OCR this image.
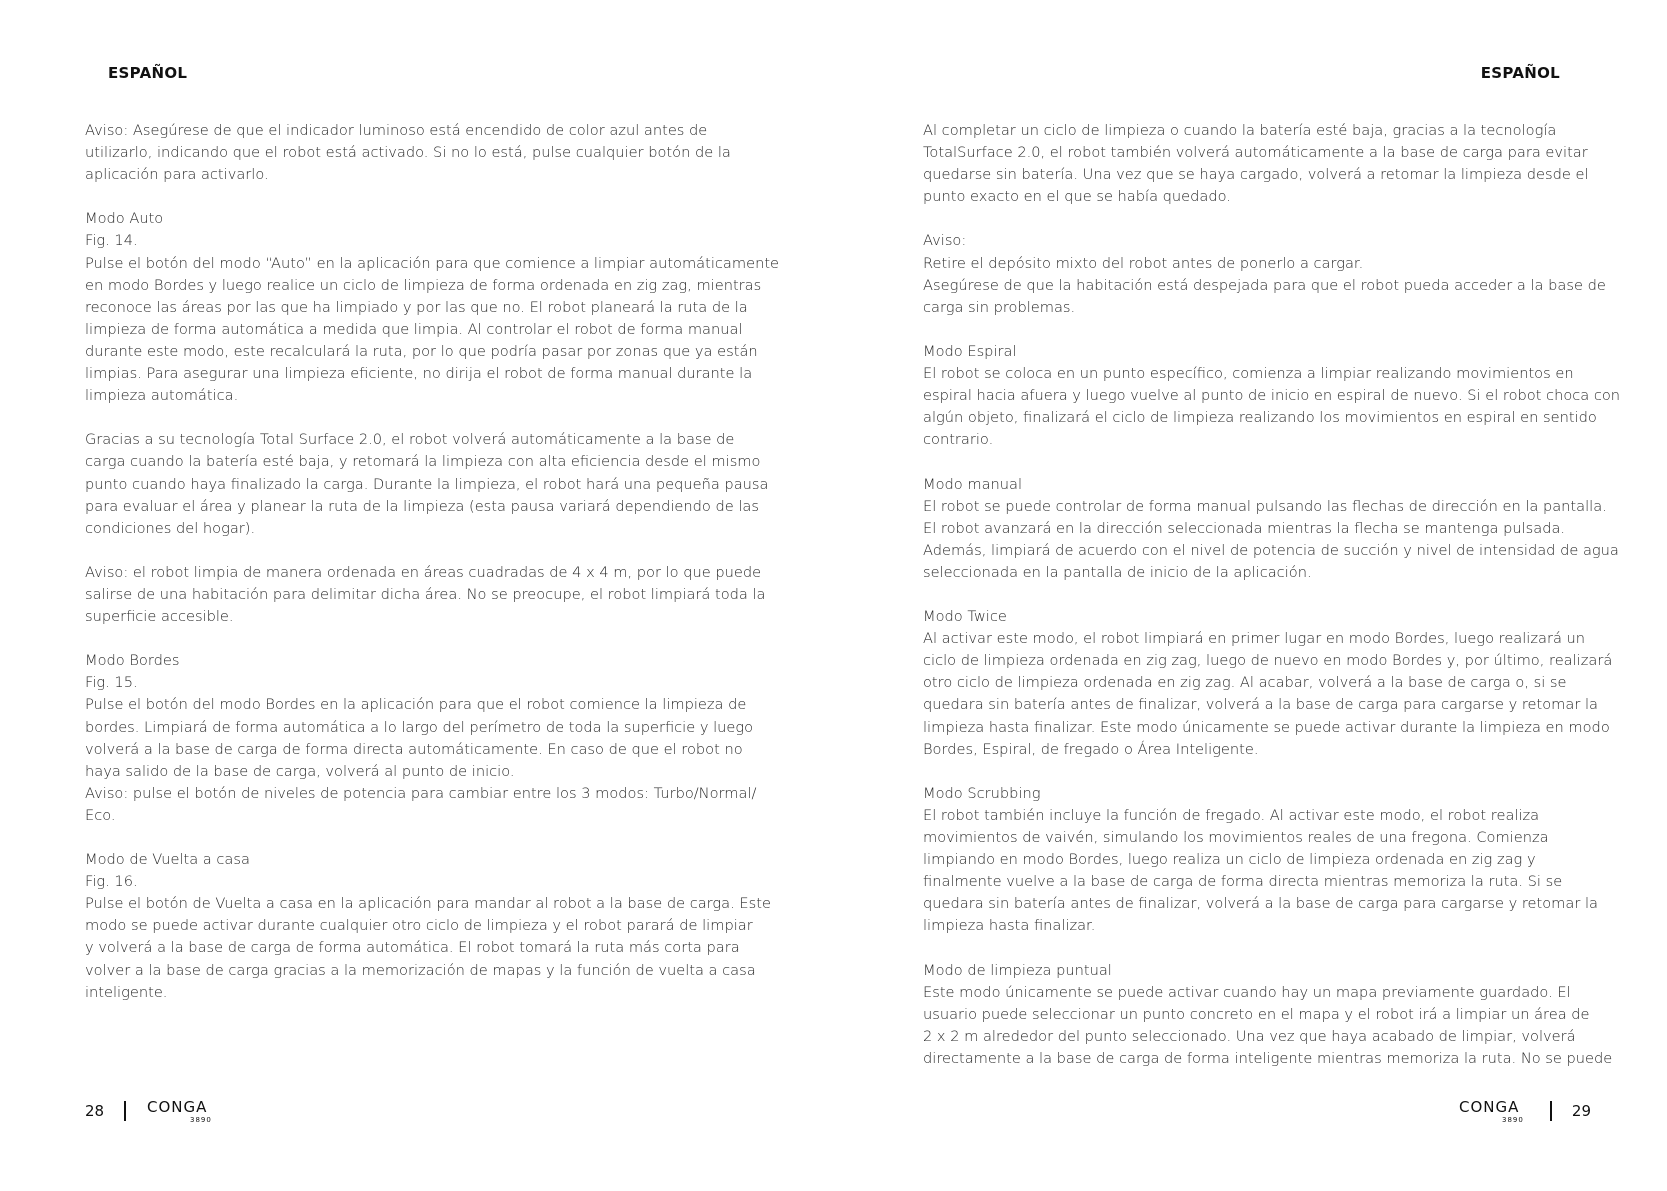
ESPAÑOL
Aviso: Asegúrese de que el indicador luminoso está encendido de color azul antes de
utilizarlo, indicando que el robot está activado. Si no lo está, pulse cualquier botón de la
aplicación para activarlo.
Modo Auto
Fig. 14.
Pulse el botón del modo “Auto” en la aplicación para que comience a limpiar automáticamente
en modo Bordes y luego realice un ciclo de limpieza de forma ordenada en zig zag, mientras
reconoce las áreas por las que ha limpiado y por las que no. El robot planeará la ruta de la
limpieza de forma automática a medida que limpia. Al controlar el robot de forma manual
durante este modo, este recalculará la ruta, por lo que podría pasar por zonas que ya están
limpias. Para asegurar una limpieza eficiente, no dirija el robot de forma manual durante la
limpieza automática.
Gracias a su tecnología Total Surface 2.0, el robot volverá automáticamente a la base de
carga cuando la batería esté baja, y retomará la limpieza con alta eficiencia desde el mismo
punto cuando haya finalizado la carga. Durante la limpieza, el robot hará una pequeña pausa
para evaluar el área y planear la ruta de la limpieza (esta pausa variará dependiendo de las
condiciones del hogar).
Aviso: el robot limpia de manera ordenada en áreas cuadradas de 4 x 4 m, por lo que puede
salirse de una habitación para delimitar dicha área. No se preocupe, el robot limpiará toda la
superficie accesible.
Modo Bordes
Fig. 15.
Pulse el botón del modo Bordes en la aplicación para que el robot comience la limpieza de
bordes. Limpiará de forma automática a lo largo del perímetro de toda la superficie y luego
volverá a la base de carga de forma directa automáticamente. En caso de que el robot no
haya salido de la base de carga, volverá al punto de inicio.
Aviso: pulse el botón de niveles de potencia para cambiar entre los 3 modos: Turbo/Normal/
Eco.
Modo de Vuelta a casa
Fig. 16.
Pulse el botón de Vuelta a casa en la aplicación para mandar al robot a la base de carga. Este
modo se puede activar durante cualquier otro ciclo de limpieza y el robot parará de limpiar
y volverá a la base de carga de forma automática. El robot tomará la ruta más corta para
volver a la base de carga gracias a la memorización de mapas y la función de vuelta a casa
inteligente.
28	CONGA
3890
ESPAÑOL
Al completar un ciclo de limpieza o cuando la batería esté baja, gracias a la tecnología
TotalSurface 2.0, el robot también volverá automáticamente a la base de carga para evitar
quedarse sin batería. Una vez que se haya cargado, volverá a retomar la limpieza desde el
punto exacto en el que se había quedado.
Aviso:
Retire el depósito mixto del robot antes de ponerlo a cargar.
Asegúrese de que la habitación está despejada para que el robot pueda acceder a la base de
carga sin problemas.
Modo Espiral
El robot se coloca en un punto específico, comienza a limpiar realizando movimientos en
espiral hacia afuera y luego vuelve al punto de inicio en espiral de nuevo. Si el robot choca con
algún objeto, finalizará el ciclo de limpieza realizando los movimientos en espiral en sentido
contrario.
Modo manual
El robot se puede controlar de forma manual pulsando las flechas de dirección en la pantalla.
El robot avanzará en la dirección seleccionada mientras la flecha se mantenga pulsada.
Además, limpiará de acuerdo con el nivel de potencia de succión y nivel de intensidad de agua
seleccionada en la pantalla de inicio de la aplicación.
Modo Twice
Al activar este modo, el robot limpiará en primer lugar en modo Bordes, luego realizará un
ciclo de limpieza ordenada en zig zag, luego de nuevo en modo Bordes y, por último, realizará
otro ciclo de limpieza ordenada en zig zag. Al acabar, volverá a la base de carga o, si se
quedara sin batería antes de finalizar, volverá a la base de carga para cargarse y retomar la
limpieza hasta finalizar. Este modo únicamente se puede activar durante la limpieza en modo
Bordes, Espiral, de fregado o Área Inteligente.
Modo Scrubbing
El robot también incluye la función de fregado. Al activar este modo, el robot realiza
movimientos de vaivén, simulando los movimientos reales de una fregona. Comienza
limpiando en modo Bordes, luego realiza un ciclo de limpieza ordenada en zig zag y
finalmente vuelve a la base de carga de forma directa mientras memoriza la ruta. Si se
quedara sin batería antes de finalizar, volverá a la base de carga para cargarse y retomar la
limpieza hasta finalizar.
Modo de limpieza puntual
Este modo únicamente se puede activar cuando hay un mapa previamente guardado. El
usuario puede seleccionar un punto concreto en el mapa y el robot irá a limpiar un área de
2 x 2 m alrededor del punto seleccionado. Una vez que haya acabado de limpiar, volverá
directamente a la base de carga de forma inteligente mientras memoriza la ruta. No se puede
CONGA
3890	29
